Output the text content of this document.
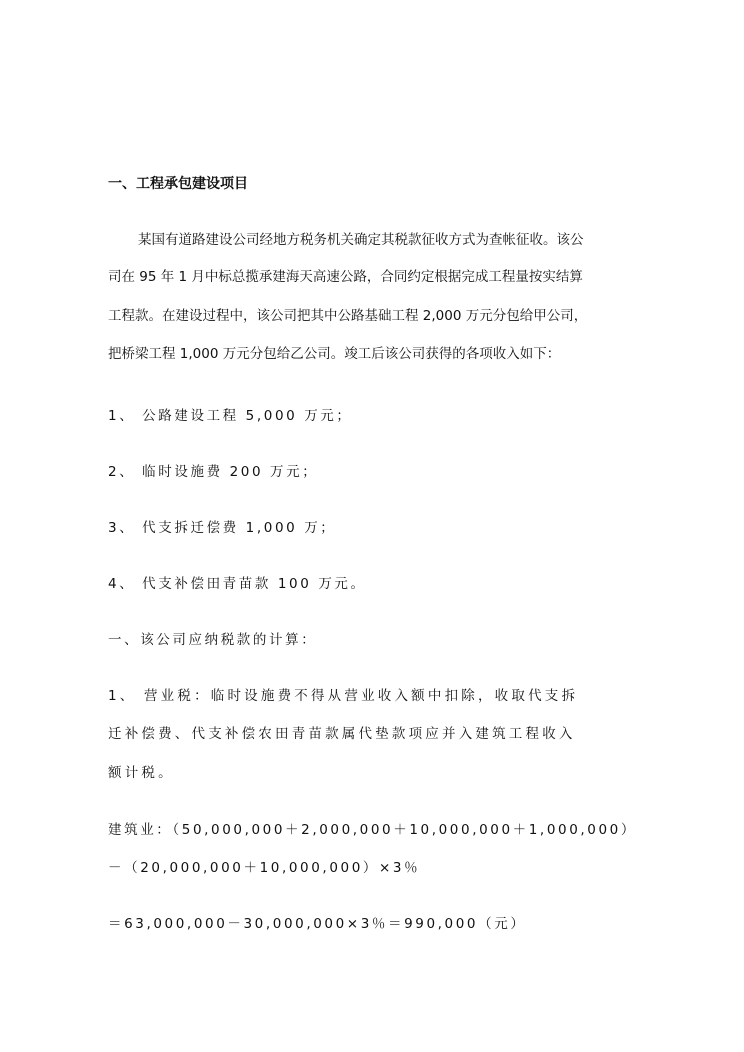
一、工程承包建设项目

某国有道路建设公司经地方税务机关确定其税款征收方式为查帐征收。该公

司在 95 年 1 月中标总揽承建海天高速公路，合同约定根据完成工程量按实结算

工程款。在建设过程中，该公司把其中公路基础工程 2,000 万元分包给甲公司，

把桥梁工程 1,000 万元分包给乙公司。竣工后该公司获得的各项收入如下：

1、 公路建设工程 5,000 万元；

2、 临时设施费 200 万元；

3、 代支拆迁偿费 1,000 万；

4、 代支补偿田青苗款 100 万元。

一、该公司应纳税款的计算：

1、 营业税：临时设施费不得从营业收入额中扣除，收取代支拆

迁补偿费、代支补偿农田青苗款属代垫款项应并入建筑工程收入

额计税。

建筑业：（50,000,000＋2,000,000＋10,000,000＋1,000,000）

－（20,000,000＋10,000,000）×3％

＝63,000,000－30,000,000×3％＝990,000（元）
